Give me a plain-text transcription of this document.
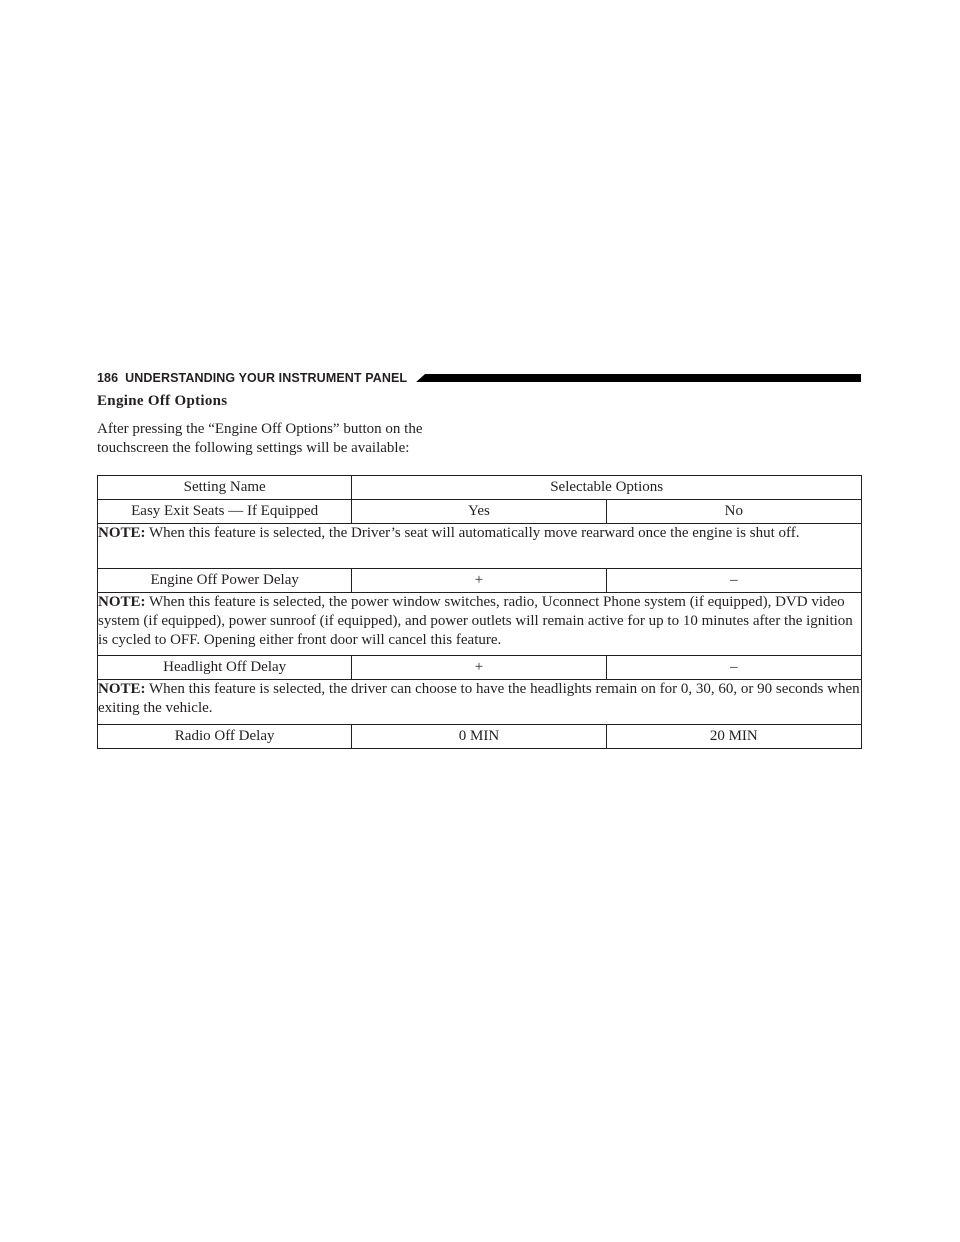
186 UNDERSTANDING YOUR INSTRUMENT PANEL
Engine Off Options
After pressing the “Engine Off Options” button on the touchscreen the following settings will be available:
Setting Name	Selectable Options	
Easy Exit Seats — If Equipped	Yes	No
NOTE: When this feature is selected, the Driver’s seat will automatically move rearward once the engine is shut off.		
Engine Off Power Delay	+	–
NOTE: When this feature is selected, the power window switches, radio, Uconnect Phone system (if equipped), DVD video system (if equipped), power sunroof (if equipped), and power outlets will remain active for up to 10 minutes after the ignition is cycled to OFF. Opening either front door will cancel this feature.		
Headlight Off Delay	+	–
NOTE: When this feature is selected, the driver can choose to have the headlights remain on for 0, 30, 60, or 90 seconds when exiting the vehicle.		
Radio Off Delay	0 MIN	20 MIN
